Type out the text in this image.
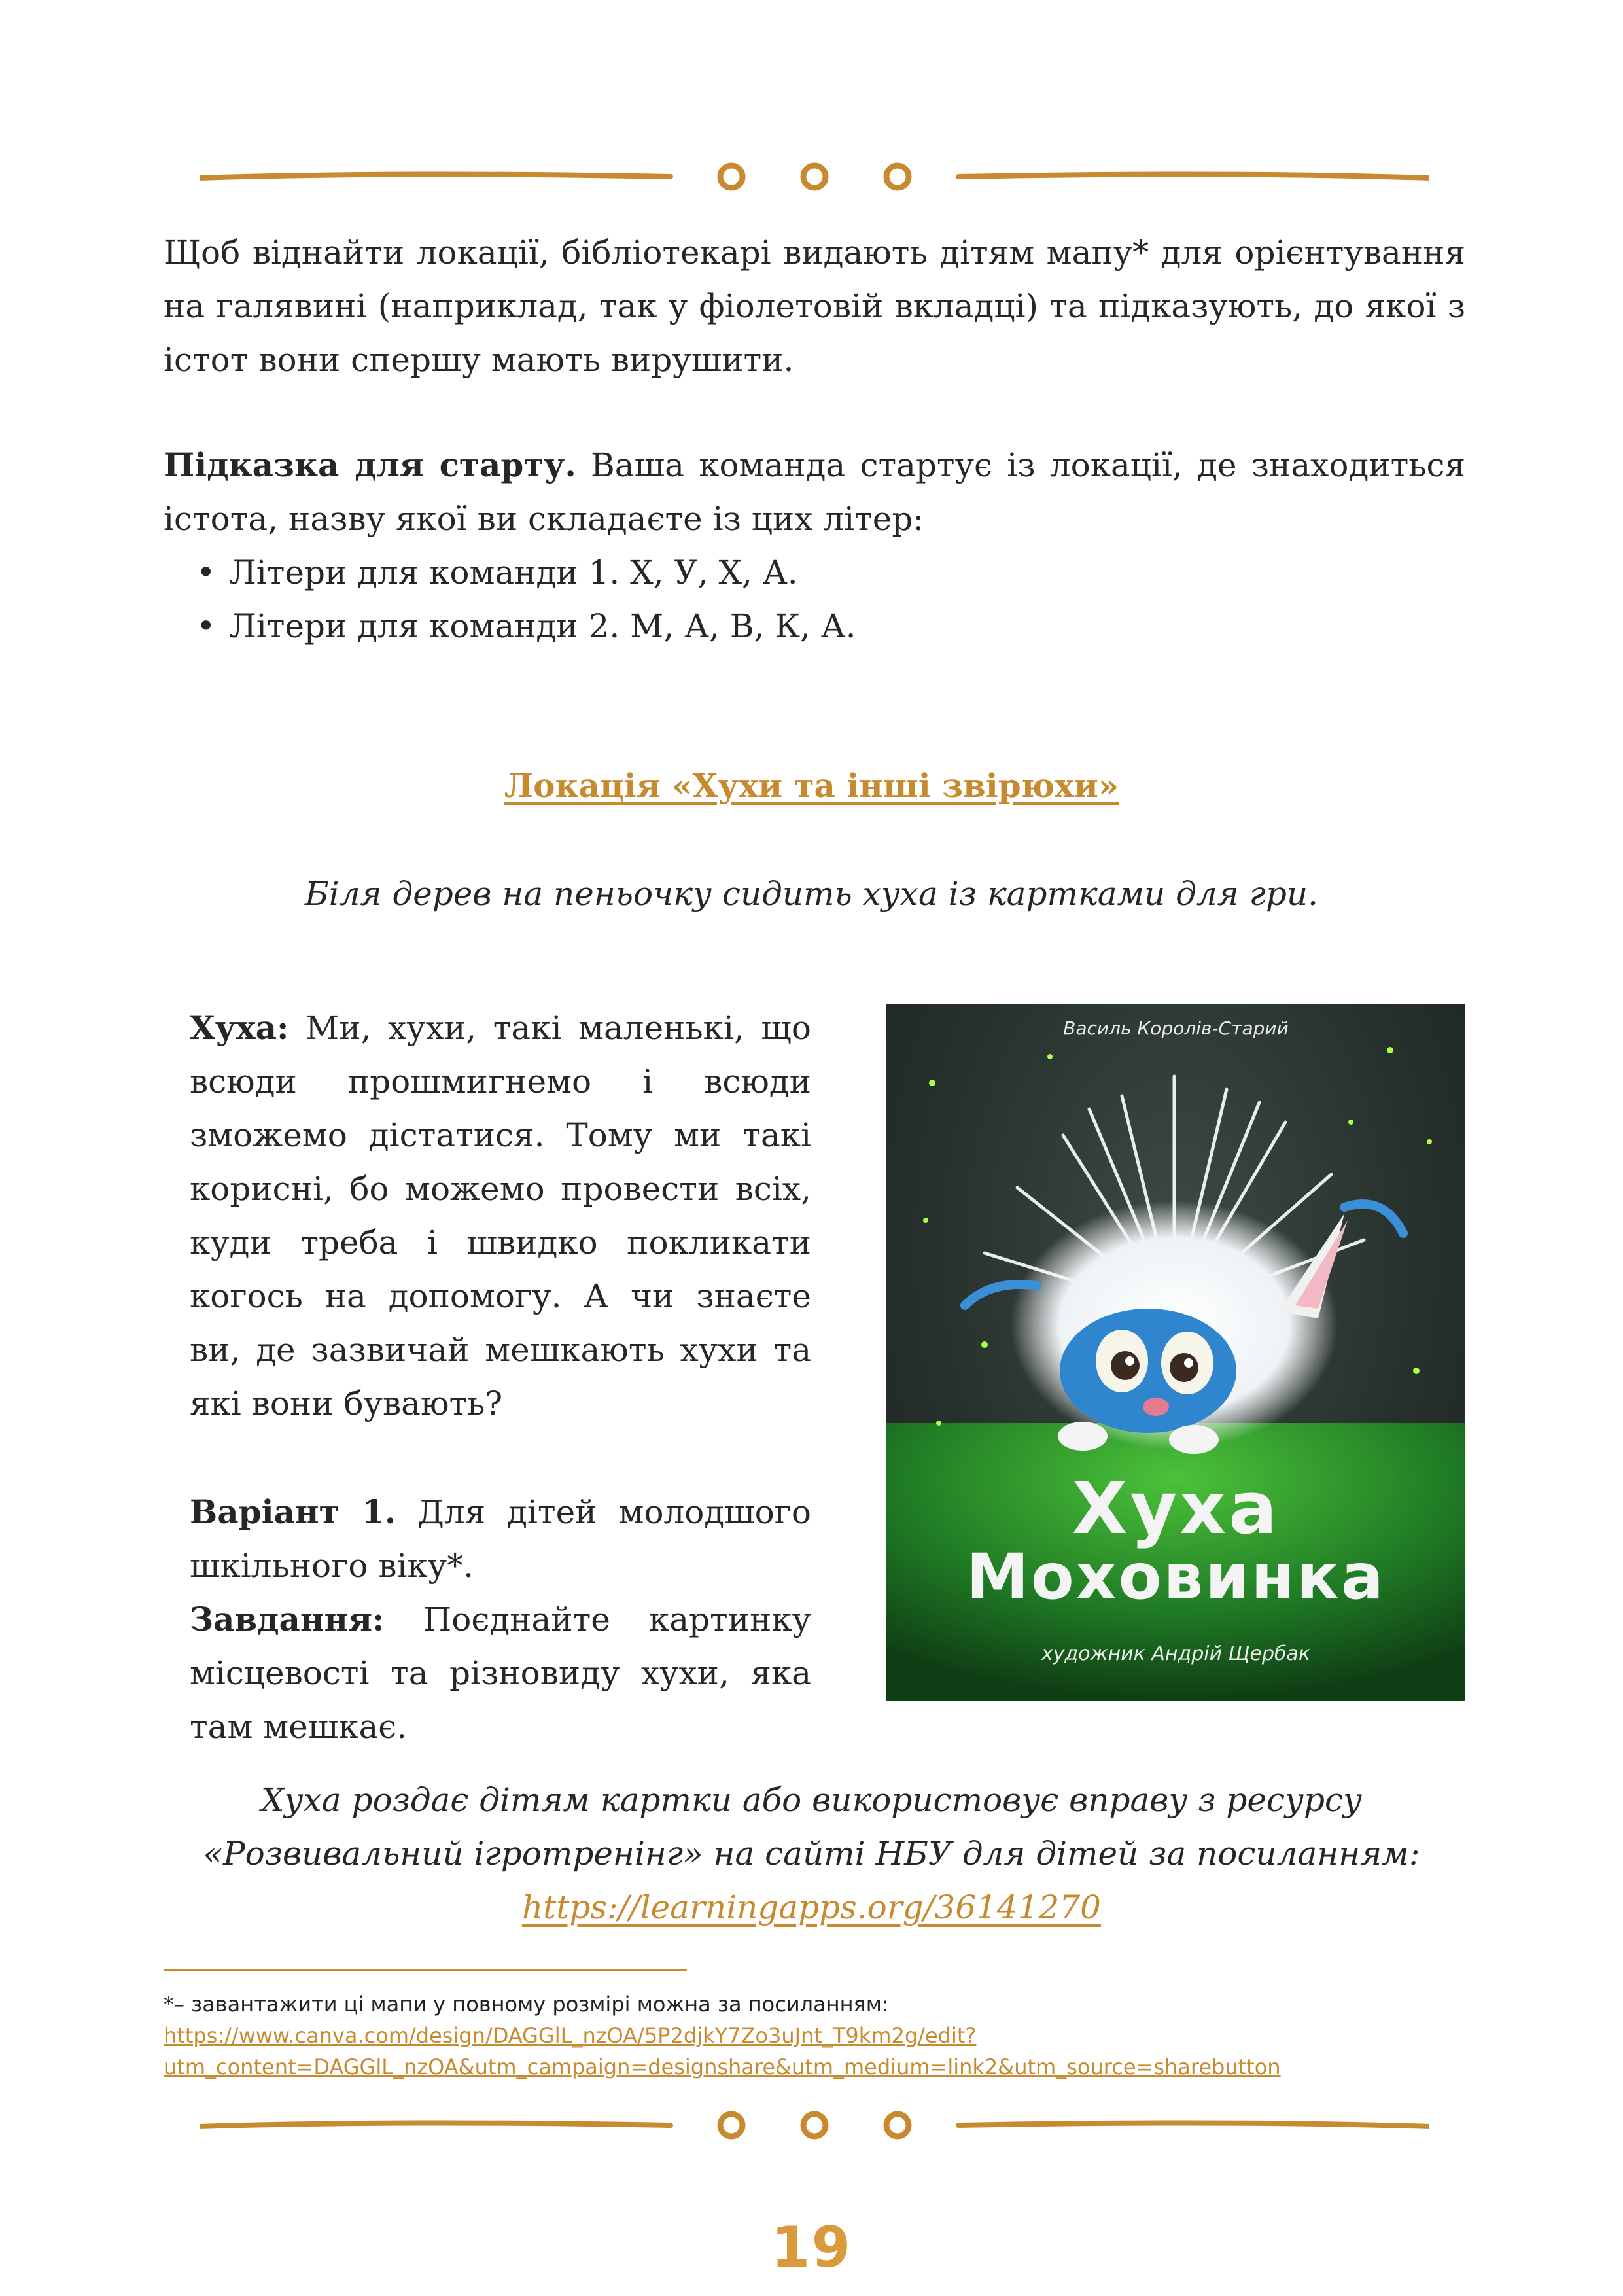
Щоб віднайти локації, бібліотекарі видають дітям мапу* для орієнтування на галявині (наприклад, так у фіолетовій вкладці) та підказують, до якої з істот вони спершу мають вирушити.
Підказка для старту. Ваша команда стартує із локації, де знаходиться істота, назву якої ви складаєте із цих літер:
• Літери для команди 1. Х, У, Х, А.
• Літери для команди 2. М, А, В, К, А.
Локація «Хухи та інші звірюхи»
Біля дерев на пеньочку сидить хуха із картками для гри.
Хуха: Ми, хухи, такі маленькі, що всюди прошмигнемо і всюди зможемо дістатися. Тому ми такі корисні, бо можемо провести всіх, куди треба і швидко покликати когось на допомогу. А чи знаєте ви, де зазвичай мешкають хухи та які вони бувають?
Варіант 1. Для дітей молодшого шкільного віку*.
Завдання: Поєднайте картинку місцевості та різновиду хухи, яка там мешкає.
Василь Королів-Старий
Хуха
Моховинка
художник Андрій Щербак
Хуха роздає дітям картки або використовує вправу з ресурсу
«Розвивальний ігротренінг» на сайті НБУ для дітей за посиланням:
https://learningapps.org/36141270
*– завантажити ці мапи у повному розмірі можна за посиланням:
https://www.canva.com/design/DAGGlL_nzOA/5P2djkY7Zo3uJnt_T9km2g/edit?
utm_content=DAGGlL_nzOA&utm_campaign=designshare&utm_medium=link2&utm_source=sharebutton
19
